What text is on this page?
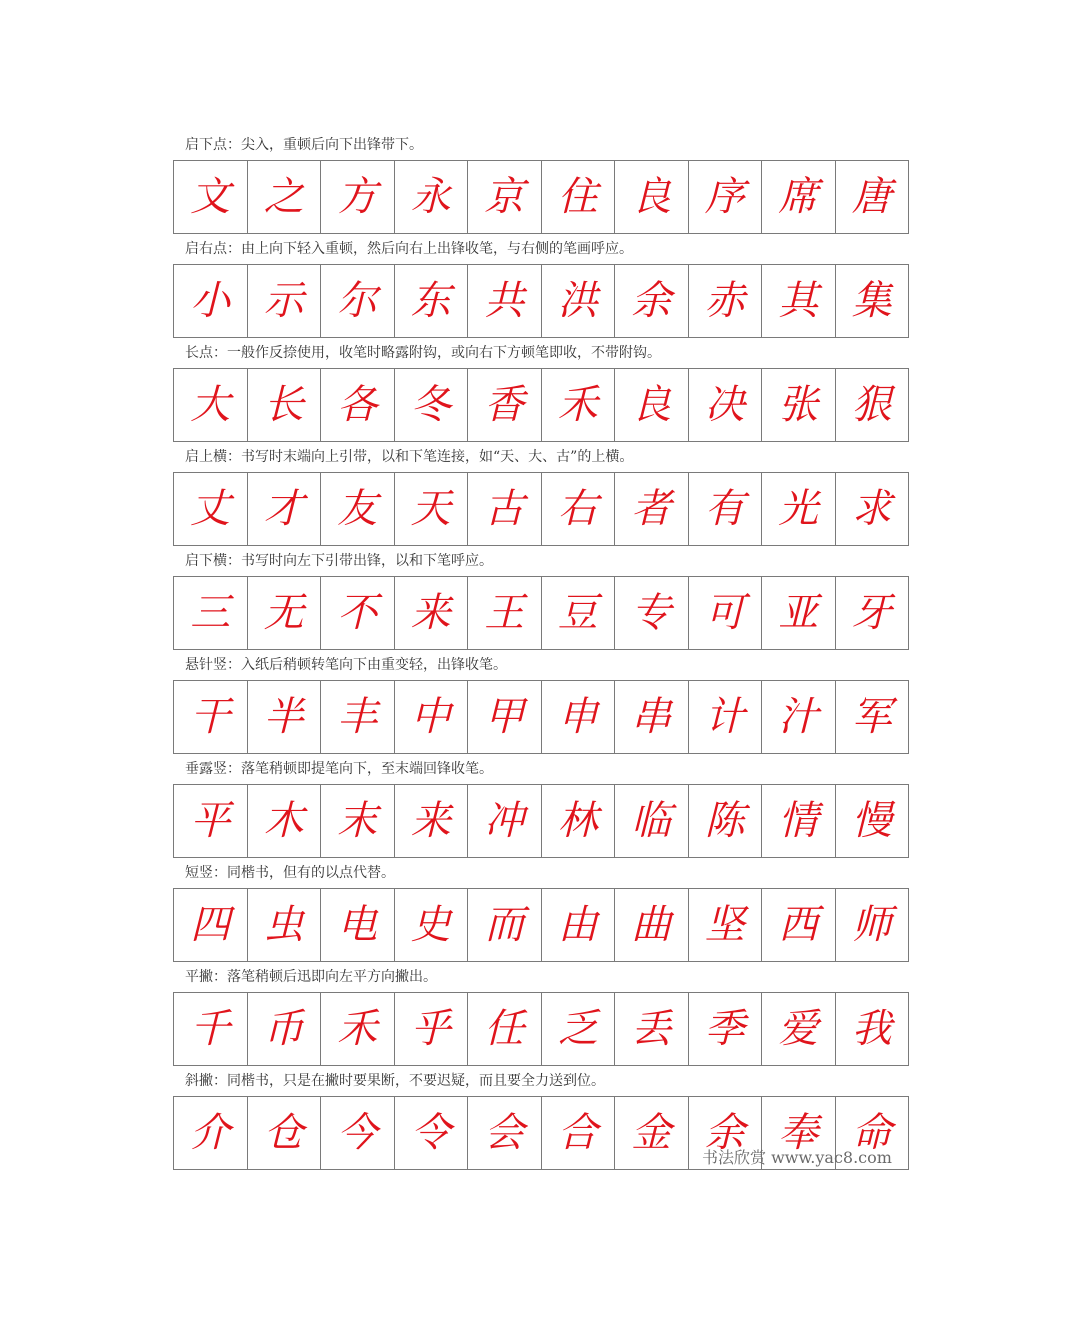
启下点：尖入，重顿后向下出锋带下。
文 之 方 永 京 住 良 序 席 唐
启右点：由上向下轻入重顿，然后向右上出锋收笔，与右侧的笔画呼应。
小 示 尔 东 共 洪 余 赤 其 集
长点：一般作反捺使用，收笔时略露附钩，或向右下方顿笔即收，不带附钩。
大 长 各 冬 香 禾 良 决 张 狠
启上横：书写时末端向上引带，以和下笔连接，如“天、大、古”的上横。
丈 才 友 天 古 右 者 有 光 求
启下横：书写时向左下引带出锋，以和下笔呼应。
三 无 不 来 王 豆 专 可 亚 牙
悬针竖：入纸后稍顿转笔向下由重变轻，出锋收笔。
干 半 丰 中 甲 申 串 计 汁 军
垂露竖：落笔稍顿即提笔向下，至末端回锋收笔。
平 木 末 来 冲 林 临 陈 情 慢
短竖：同楷书，但有的以点代替。
四 虫 电 史 而 由 曲 坚 西 师
平撇：落笔稍顿后迅即向左平方向撇出。
千 币 禾 乎 任 乏 丢 季 爱 我
斜撇：同楷书，只是在撇时要果断，不要迟疑，而且要全力送到位。
介 仓 今 令 会 合 金 余 奉 命
书法欣赏 www.yac8.com
